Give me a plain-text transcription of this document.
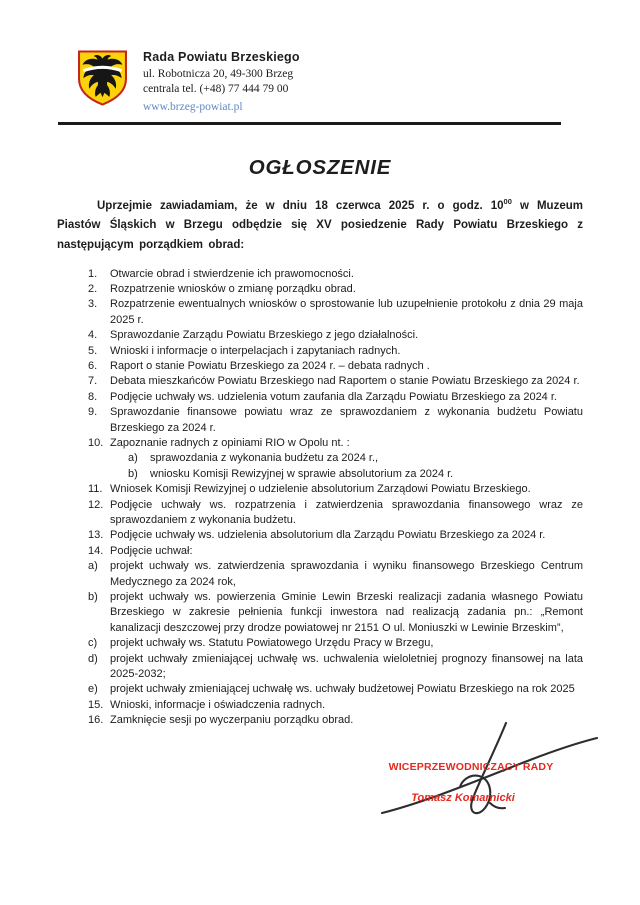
Rada Powiatu Brzeskiego
ul. Robotnicza 20, 49-300 Brzeg
centrala tel. (+48) 77 444 79 00
www.brzeg-powiat.pl
OGŁOSZENIE

Uprzejmie zawiadamiam, że w dniu 18 czerwca 2025 r. o godz. $10^{00}$ w Muzeum Piastów Śląskich w Brzegu odbędzie się XV posiedzenie Rady Powiatu Brzeskiego z następującym porządkiem obrad:

1.	Otwarcie obrad i stwierdzenie ich prawomocności.
2.	Rozpatrzenie wniosków o zmianę porządku obrad.
3.	Rozpatrzenie ewentualnych wniosków o sprostowanie lub uzupełnienie protokołu z dnia 29 maja 2025 r.
4.	Sprawozdanie Zarządu Powiatu Brzeskiego z jego działalności.
5.	Wnioski i informacje o interpelacjach i zapytaniach radnych.
6.	Raport o stanie Powiatu Brzeskiego za 2024 r. – debata radnych .
7.	Debata mieszkańców Powiatu Brzeskiego nad Raportem o stanie Powiatu Brzeskiego za 2024 r.
8.	Podjęcie uchwały ws. udzielenia votum zaufania dla Zarządu Powiatu Brzeskiego za 2024 r.
9.	Sprawozdanie finansowe powiatu wraz ze sprawozdaniem z wykonania budżetu Powiatu Brzeskiego za 2024 r.
10. Zapoznanie radnych z opiniami RIO w Opolu nt. :
a)	sprawozdania z wykonania budżetu za 2024 r.,
b)	wniosku Komisji Rewizyjnej w sprawie absolutorium za 2024 r.
11. Wniosek Komisji Rewizyjnej o udzielenie absolutorium Zarządowi Powiatu Brzeskiego.
12. Podjęcie uchwały ws. rozpatrzenia i zatwierdzenia sprawozdania finansowego wraz ze sprawozdaniem z wykonania budżetu.
13. Podjęcie uchwały ws. udzielenia absolutorium dla Zarządu Powiatu Brzeskiego za 2024 r.
14. Podjęcie uchwał:
a)	projekt uchwały ws. zatwierdzenia sprawozdania i wyniku finansowego Brzeskiego Centrum Medycznego za 2024 rok,
b)	projekt uchwały ws. powierzenia Gminie Lewin Brzeski realizacji zadania własnego Powiatu Brzeskiego w zakresie pełnienia funkcji inwestora nad realizacją zadania pn.: „Remont kanalizacji deszczowej przy drodze powiatowej nr 2151 O ul. Moniuszki w Lewinie Brzeskim”,
c)	projekt uchwały ws. Statutu Powiatowego Urzędu Pracy w Brzegu,
d)	projekt uchwały zmieniającej uchwałę ws. uchwalenia wieloletniej prognozy finansowej na lata 2025-2032;
e)	projekt uchwały zmieniającej uchwałę ws. uchwały budżetowej Powiatu Brzeskiego na rok 2025
15. Wnioski, informacje i oświadczenia radnych.
16. Zamknięcie sesji po wyczerpaniu porządku obrad.
WICEPRZEWODNICZĄCY RADY
Tomasz Komarnicki
